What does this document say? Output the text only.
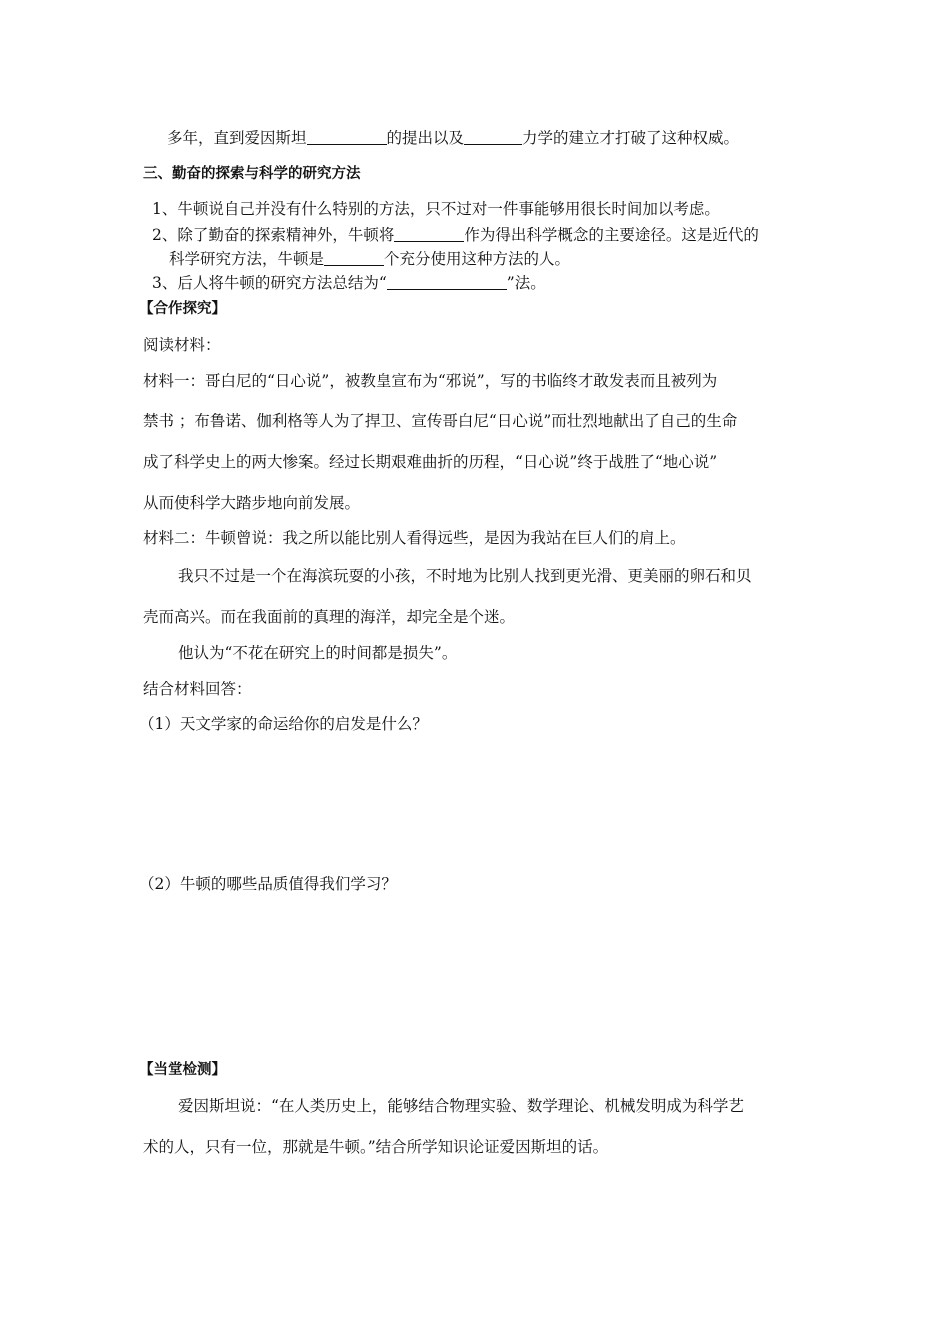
多年，直到爱因斯坦	的提出以及	力学的建立才打破了这种权威。
三、勤奋的探索与科学的研究方法
1、牛顿说自己并没有什么特别的方法，只不过对一件事能够用很长时间加以考虑。
2、除了勤奋的探索精神外，牛顿将	作为得出科学概念的主要途径。这是近代的
科学研究方法，牛顿是	个充分使用这种方法的人。
3、后人将牛顿的研究方法总结为“	”法。
【合作探究】
阅读材料：
材料一：哥白尼的“日心说”，被教皇宣布为“邪说”，写的书临终才敢发表而且被列为
禁书 ；布鲁诺、伽利格等人为了捍卫、宣传哥白尼“日心说”而壮烈地献出了自己的生命
成了科学史上的两大惨案。经过长期艰难曲折的历程，“日心说”终于战胜了“地心说”
从而使科学大踏步地向前发展。
材料二：牛顿曾说：我之所以能比别人看得远些，是因为我站在巨人们的肩上。
我只不过是一个在海滨玩耍的小孩，不时地为比别人找到更光滑、更美丽的卵石和贝
壳而高兴。而在我面前的真理的海洋，却完全是个迷。
他认为“不花在研究上的时间都是损失”。
结合材料回答：
（1）天文学家的命运给你的启发是什么？
（2）牛顿的哪些品质值得我们学习？
【当堂检测】
爱因斯坦说：“在人类历史上，能够结合物理实验、数学理论、机械发明成为科学艺
术的人，只有一位，那就是牛顿。”结合所学知识论证爱因斯坦的话。
